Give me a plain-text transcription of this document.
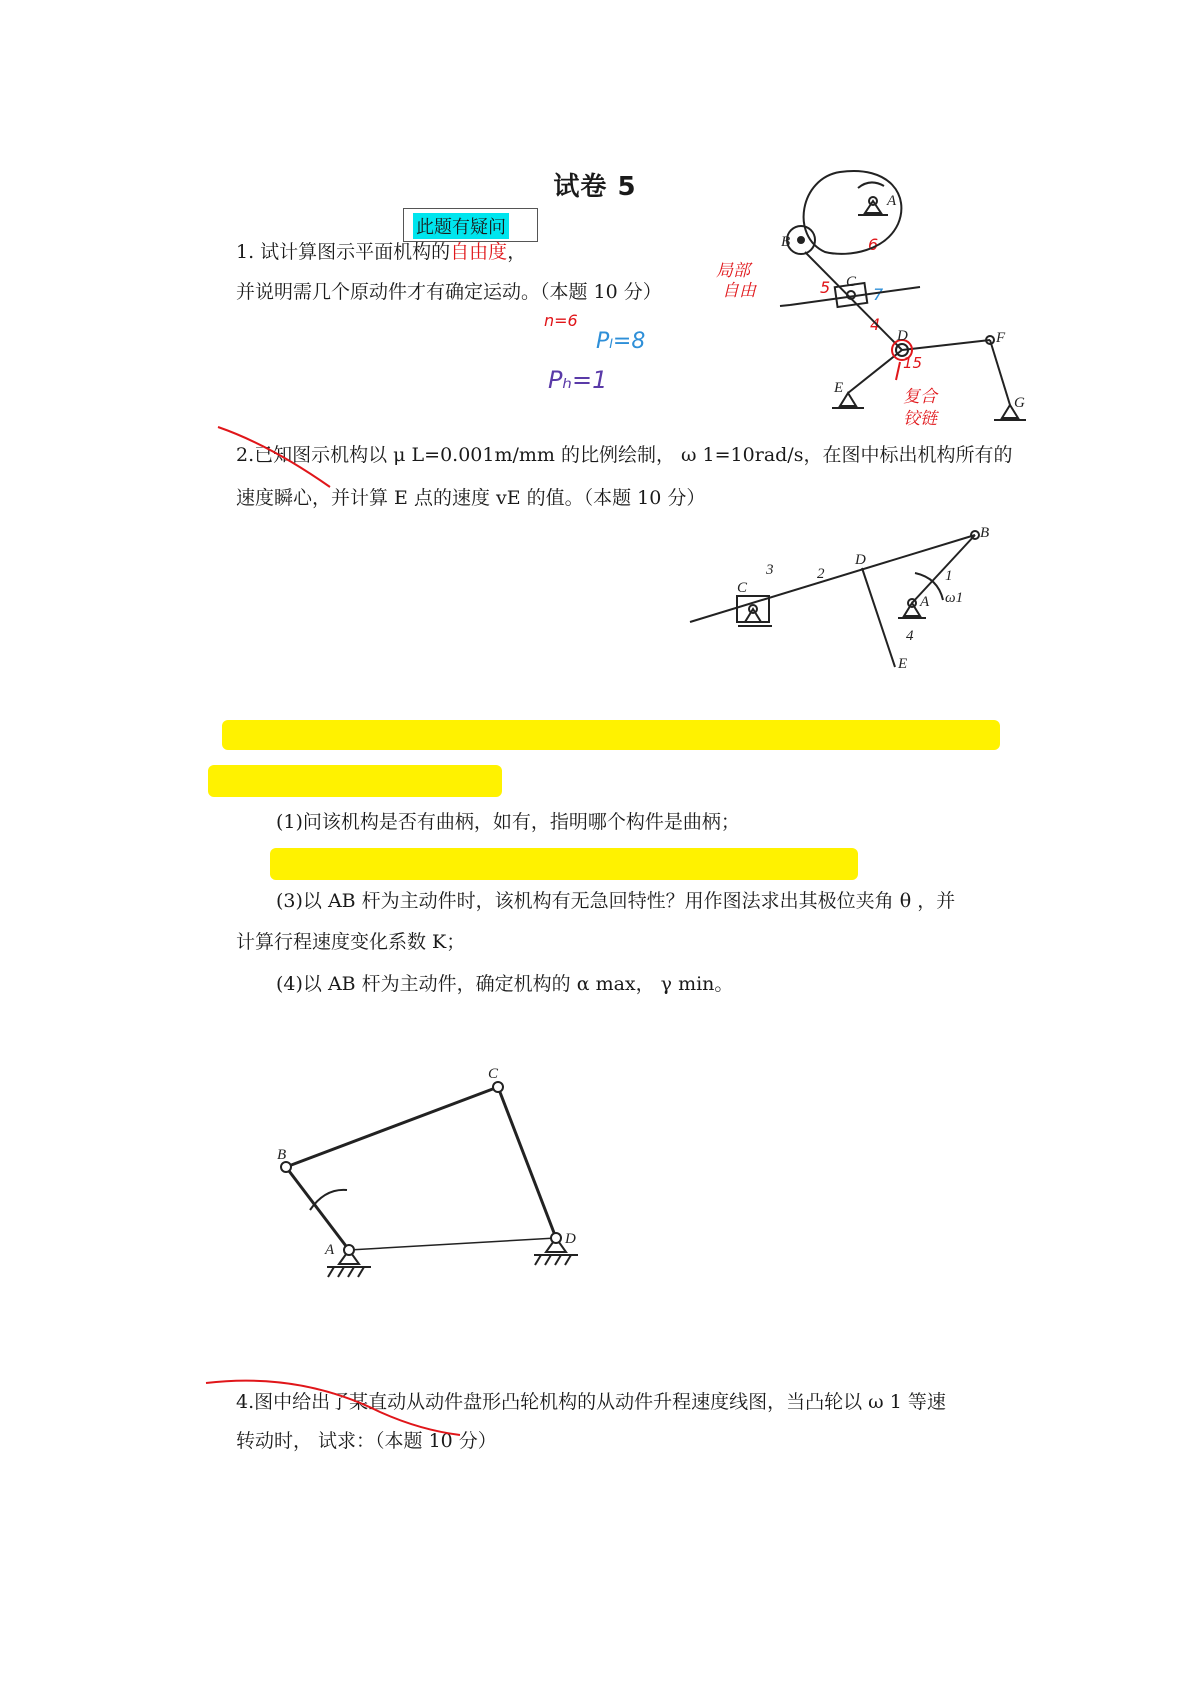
试卷 5
此题有疑问
1. 试计算图示平面机构的自由度，
并说明需几个原动件才有确定运动。（本题 10 分）
n=6
Pₗ=8
Pₕ=1
局部
自由
复合
铰链
5
6
7
4
15
A
B
C
D
E
F
G
2.已知图示机构以 μ L=0.001m/mm 的比例绘制， ω 1=10rad/s，在图中标出机构所有的
速度瞬心，并计算 E 点的速度 vE 的值。（本题 10 分）
B
D
C
A
E
1
2
3
4
ω1
(1)问该机构是否有曲柄，如有，指明哪个构件是曲柄；
(3)以 AB 杆为主动件时，该机构有无急回特性？用作图法求出其极位夹角 θ ，并
计算行程速度变化系数 K；
(4)以 AB 杆为主动件，确定机构的 α max， γ min。
A
B
C
D
4.图中给出了某直动从动件盘形凸轮机构的从动件升程速度线图，当凸轮以 ω 1 等速
转动时， 试求：（本题 10 分）
